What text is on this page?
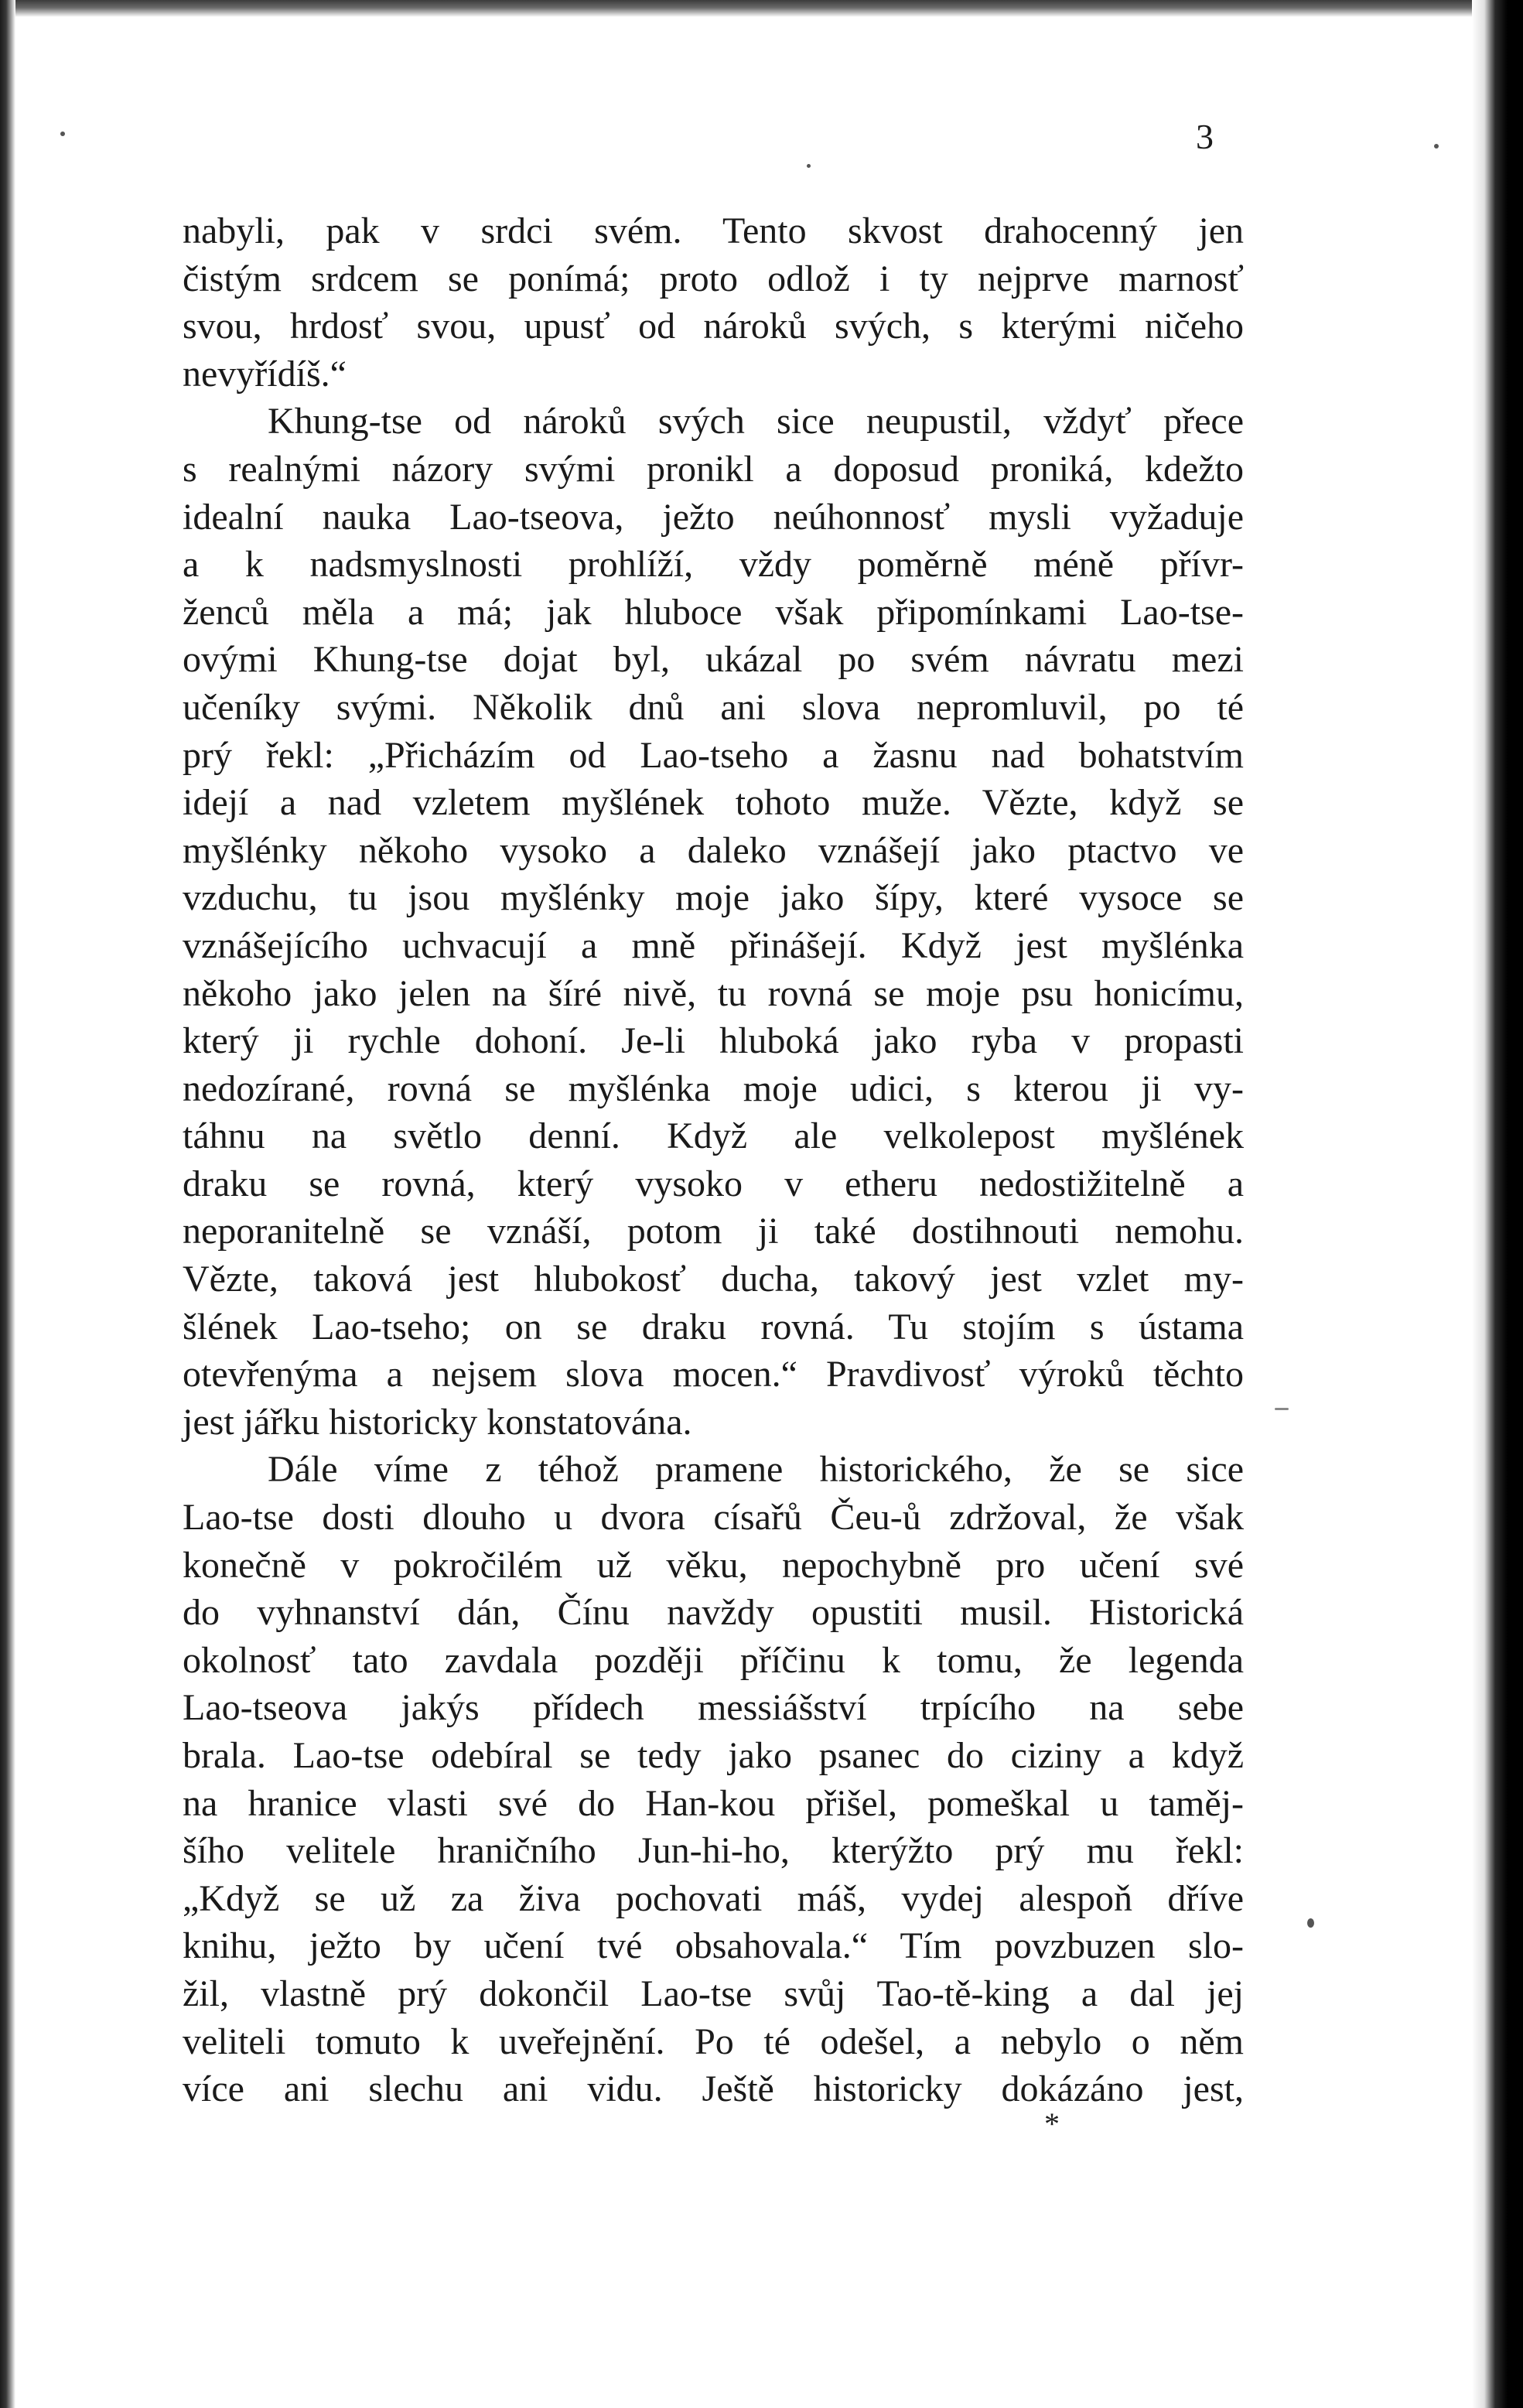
3
nabyli, pak v srdci svém. Tento skvost drahocenný jen
čistým srdcem se ponímá; proto odlož i ty nejprve marnosť
svou, hrdosť svou, upusť od nároků svých, s kterými ničeho
nevyřídíš.“
Khung-tse od nároků svých sice neupustil, vždyť přece
s realnými názory svými pronikl a doposud proniká, kdežto
idealní nauka Lao-tseova, ježto neúhonnosť mysli vyžaduje
a k nadsmyslnosti prohlíží, vždy poměrně méně přívr-
ženců měla a má; jak hluboce však připomínkami Lao-tse-
ovými Khung-tse dojat byl, ukázal po svém návratu mezi
učeníky svými. Několik dnů ani slova nepromluvil, po té
prý řekl: „Přicházím od Lao-tseho a žasnu nad bohatstvím
idejí a nad vzletem myšlének tohoto muže. Vězte, když se
myšlénky někoho vysoko a daleko vznášejí jako ptactvo ve
vzduchu, tu jsou myšlénky moje jako šípy, které vysoce se
vznášejícího uchvacují a mně přinášejí. Když jest myšlénka
někoho jako jelen na šíré nivě, tu rovná se moje psu honicímu,
který ji rychle dohoní. Je-li hluboká jako ryba v propasti
nedozírané, rovná se myšlénka moje udici, s kterou ji vy-
táhnu na světlo denní. Když ale velkolepost myšlének
draku se rovná, který vysoko v etheru nedostižitelně a
neporanitelně se vznáší, potom ji také dostihnouti nemohu.
Vězte, taková jest hlubokosť ducha, takový jest vzlet my-
šlének Lao-tseho; on se draku rovná. Tu stojím s ústama
otevřenýma a nejsem slova mocen.“ Pravdivosť výroků těchto
jest jářku historicky konstatována.
Dále víme z téhož pramene historického, že se sice
Lao-tse dosti dlouho u dvora císařů Čeu-ů zdržoval, že však
konečně v pokročilém už věku, nepochybně pro učení své
do vyhnanství dán, Čínu navždy opustiti musil. Historická
okolnosť tato zavdala později příčinu k tomu, že legenda
Lao-tseova jakýs přídech messiášství trpícího na sebe
brala. Lao-tse odebíral se tedy jako psanec do ciziny a když
na hranice vlasti své do Han-kou přišel, pomeškal u taměj-
šího velitele hraničního Jun-hi-ho, kterýžto prý mu řekl:
„Když se už za živa pochovati máš, vydej alespoň dříve
knihu, ježto by učení tvé obsahovala.“ Tím povzbuzen slo-
žil, vlastně prý dokončil Lao-tse svůj Tao-tě-king a dal jej
veliteli tomuto k uveřejnění. Po té odešel, a nebylo o něm
více ani slechu ani vidu. Ještě historicky dokázáno jest,
*
